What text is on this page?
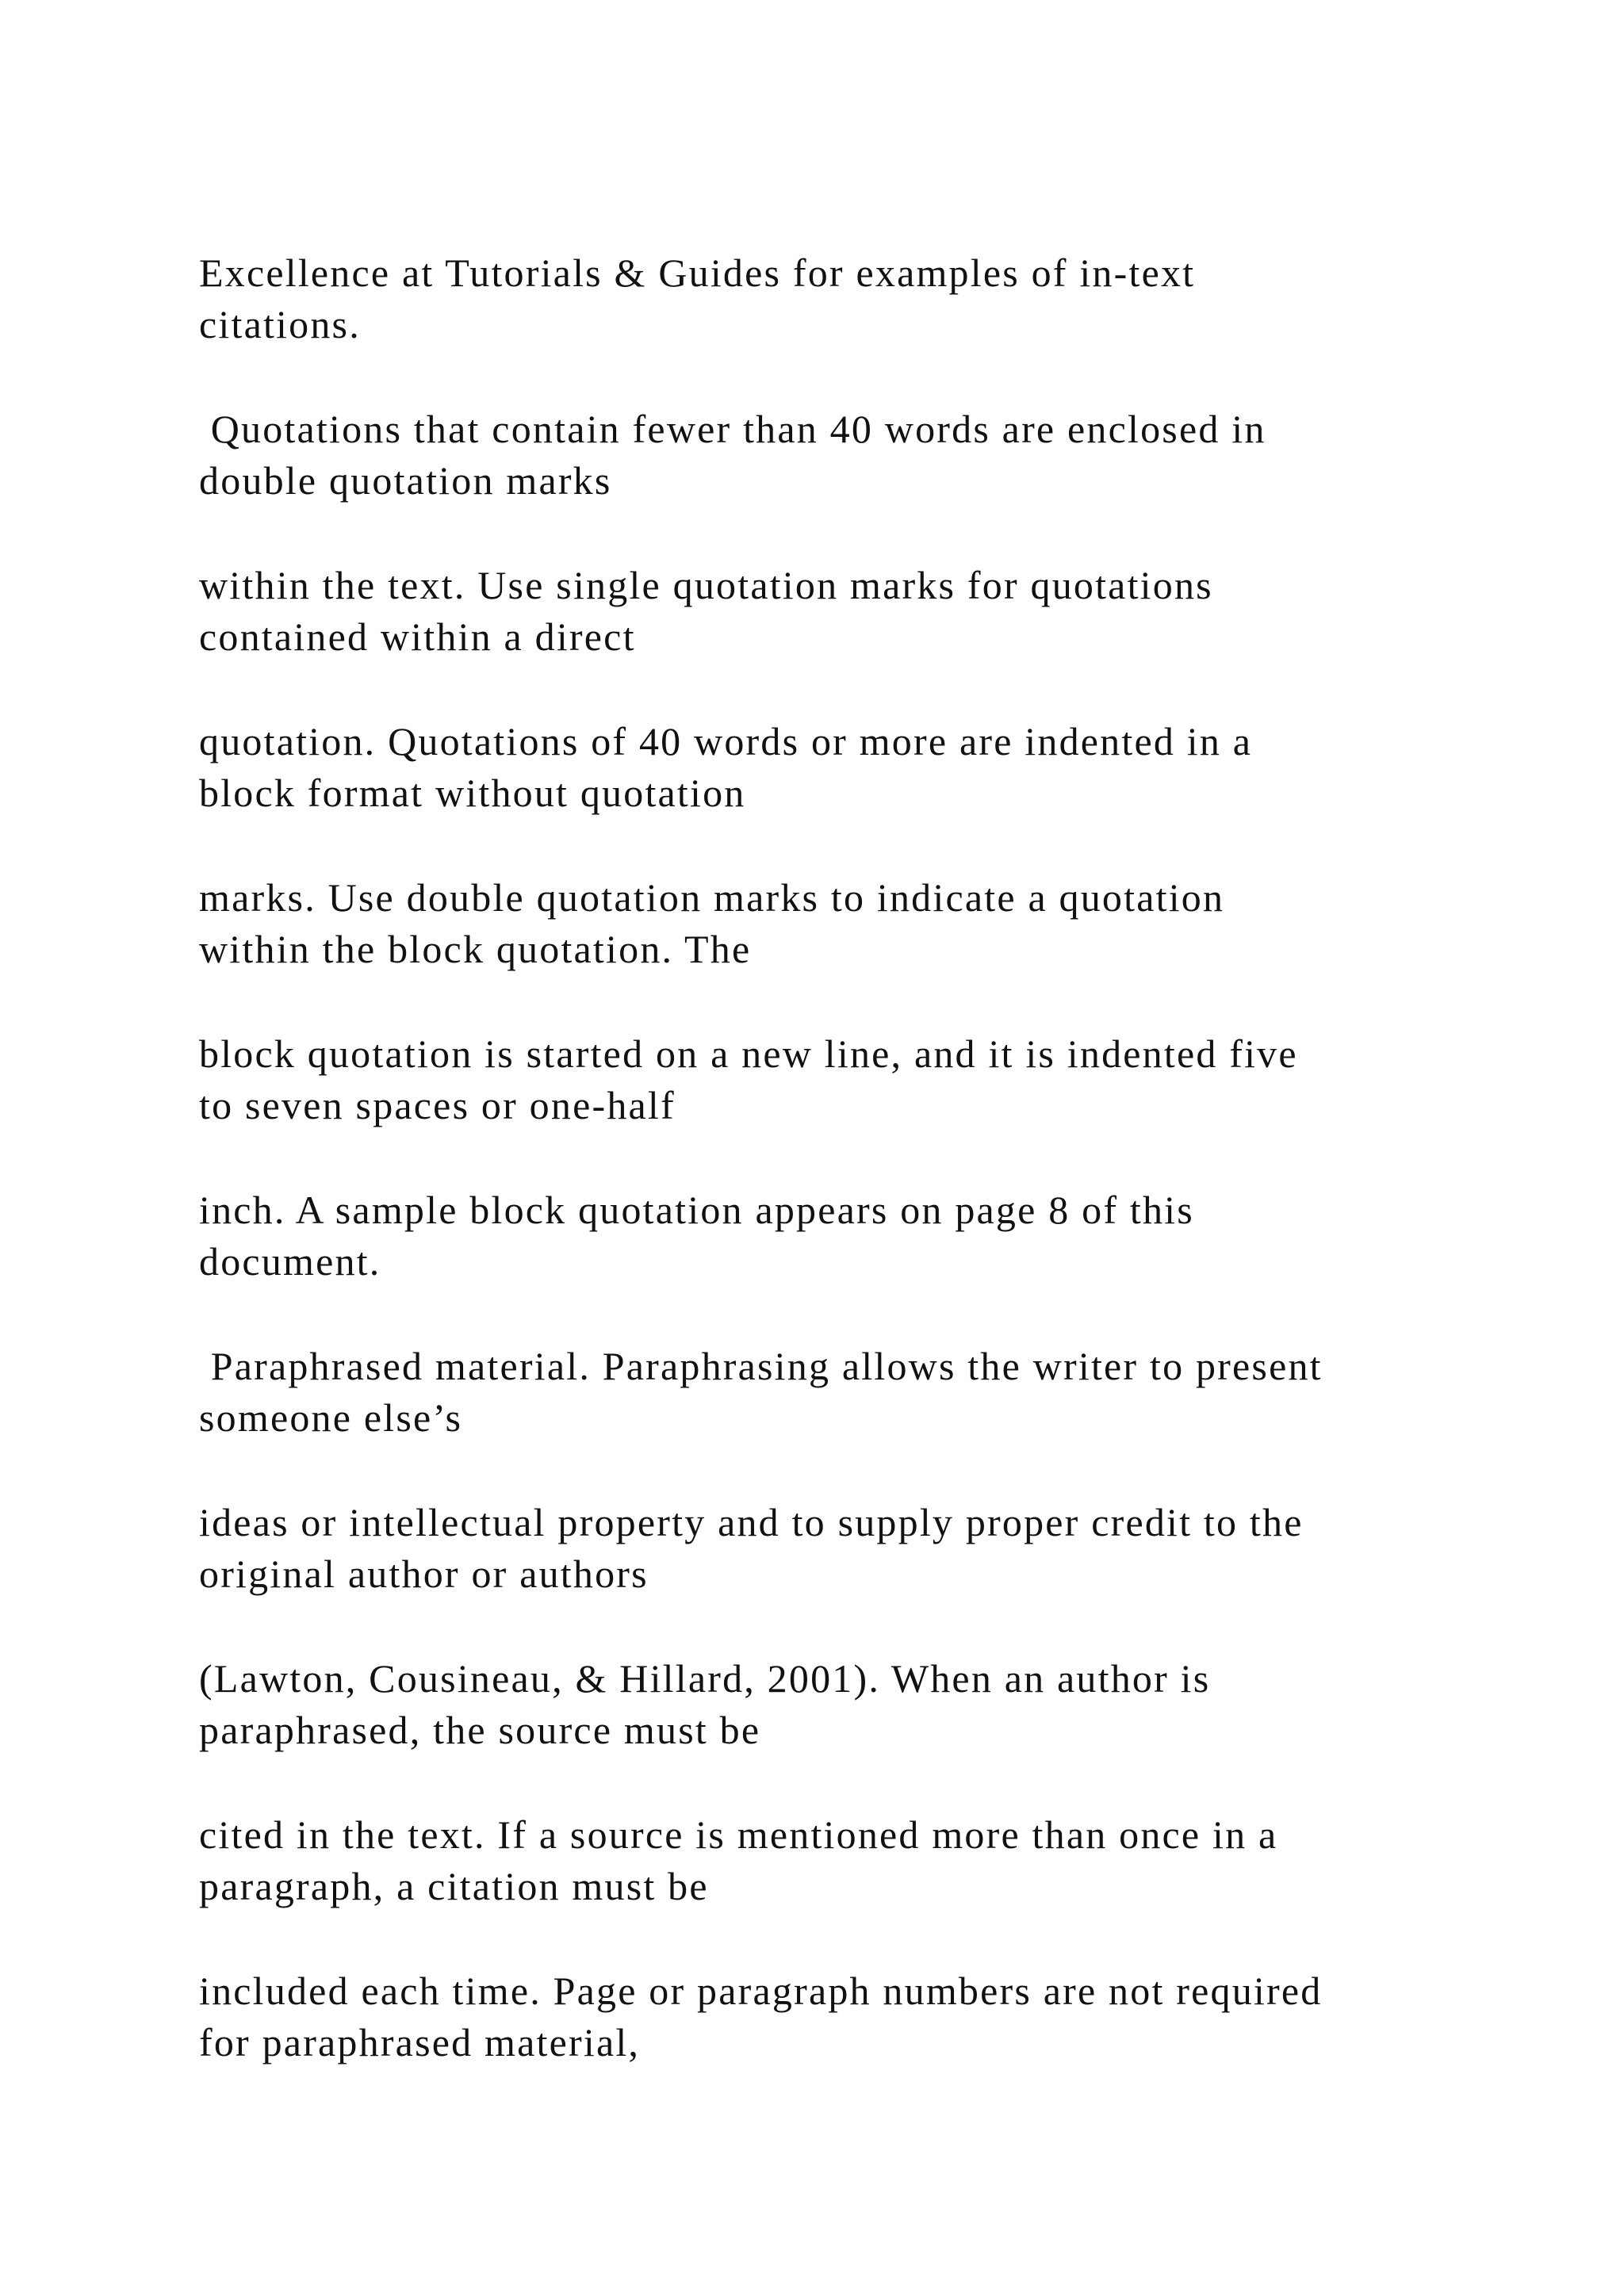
Excellence at Tutorials & Guides for examples of in-text
citations.

Quotations that contain fewer than 40 words are enclosed in
double quotation marks

within the text. Use single quotation marks for quotations
contained within a direct

quotation. Quotations of 40 words or more are indented in a
block format without quotation

marks. Use double quotation marks to indicate a quotation
within the block quotation. The

block quotation is started on a new line, and it is indented five
to seven spaces or one-half

inch. A sample block quotation appears on page 8 of this
document.

Paraphrased material. Paraphrasing allows the writer to present
someone else’s

ideas or intellectual property and to supply proper credit to the
original author or authors

(Lawton, Cousineau, & Hillard, 2001). When an author is
paraphrased, the source must be

cited in the text. If a source is mentioned more than once in a
paragraph, a citation must be

included each time. Page or paragraph numbers are not required
for paraphrased material,
